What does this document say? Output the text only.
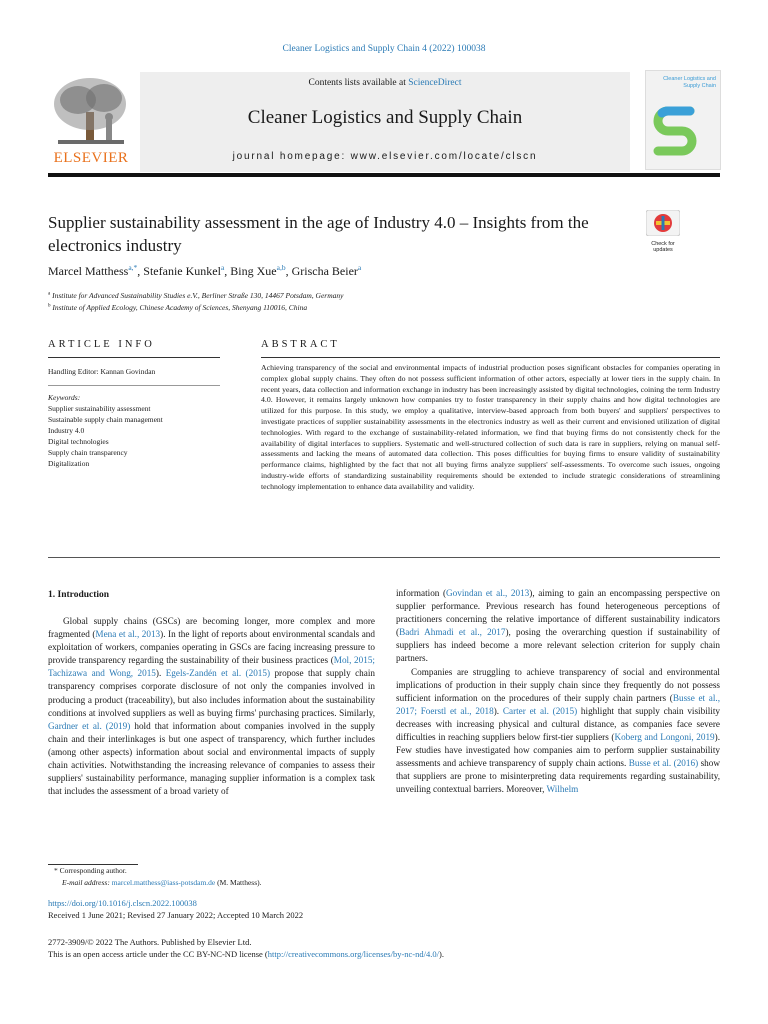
Cleaner Logistics and Supply Chain 4 (2022) 100038
ELSEVIER
Contents lists available at ScienceDirect
Cleaner Logistics and Supply Chain
journal homepage: www.elsevier.com/locate/clscn
Cleaner Logistics and Supply Chain
Supplier sustainability assessment in the age of Industry 4.0 – Insights from the electronics industry	Check for updates
Marcel Matthess$^{a,*}$, Stefanie Kunkel$^a$, Bing Xue$^{a,b}$, Grischa Beier$^a$
$^a$ Institute for Advanced Sustainability Studies e.V., Berliner Straße 130, 14467 Potsdam, Germany
$^b$ Institute of Applied Ecology, Chinese Academy of Sciences, Shenyang 110016, China
ARTICLE INFO	ABSTRACT
Handling Editor: Kannan Govindan
Keywords:
Supplier sustainability assessment
Sustainable supply chain management
Industry 4.0
Digital technologies
Supply chain transparency
Digitalization
Achieving transparency of the social and environmental impacts of industrial production poses significant obstacles for companies operating in complex global supply chains. They often do not possess sufficient information of other actors, especially at lower tiers in the supply chain. In recent years, data collection and information exchange in industry has been increasingly assisted by digital technologies, coining the term Industry 4.0. However, it remains largely unknown how companies try to foster transparency in their supply chains and how digital technologies are utilized for this purpose. In this study, we employ a qualitative, interview-based approach from both buyers' and suppliers' perspectives to investigate practices of supplier sustainability assessments in the electronics industry as well as their current and envisioned utilization of digital technologies. With regard to the exchange of sustainability-related information, we find that buying firms do not consistently check for the availability of digital interfaces to suppliers. Systematic and well-structured collection of such data is rare in suppliers, relying on manual self-assessments and lacking the means of automated data collection. This poses difficulties for buying firms to ensure validity of sustainability performance claims, highlighted by the fact that not all buying firms analyze suppliers' self-assessments. To overcome such issues, ongoing industry-wide efforts of standardizing sustainability requirements should be extended to include strategic considerations of streamlining technology implementation to enhance data availability and validity.
1. Introduction

Global supply chains (GSCs) are becoming longer, more complex and more fragmented (Mena et al., 2013). In the light of reports about environmental scandals and exploitation of workers, companies operating in GSCs are facing increasing pressure to provide transparency regarding the sustainability of their business practices (Mol, 2015; Tachizawa and Wong, 2015). Egels-Zandén et al. (2015) propose that supply chain transparency comprises corporate disclosure of not only the companies involved in producing a product (traceability), but also includes information about the sustainability conditions at involved suppliers as well as buying firms' purchasing practices. Similarly, Gardner et al. (2019) hold that information about companies involved in the supply chain and their interlinkages is but one aspect of transparency, which further includes (among other aspects) information about social and environmental impacts of supply chain activities. Notwithstanding the increasing relevance of companies to assess their suppliers' sustainability performance, managing supplier information is a complex task that includes the assessment of a broad variety of

information (Govindan et al., 2013), aiming to gain an encompassing perspective on supplier performance. Previous research has found heterogeneous perceptions of practitioners concerning the relative importance of different sustainability indicators (Badri Ahmadi et al., 2017), posing the overarching question if sustainability of suppliers has indeed become a more relevant selection criterion for supply chain partners.

Companies are struggling to achieve transparency of social and environmental implications of production in their supply chain since they frequently do not possess sufficient information on the procedures of their supply chain partners (Busse et al., 2017; Foerstl et al., 2018). Carter et al. (2015) highlight that supply chain visibility decreases with increasing physical and cultural distance, as companies face severe difficulties in reaching suppliers below first-tier suppliers (Koberg and Longoni, 2019). Few studies have investigated how companies aim to perform supplier sustainability assessments and achieve transparency of supply chain actions. Busse et al. (2016) show that suppliers are prone to misinterpreting data requirements regarding sustainability, unveiling contextual barriers. Moreover, Wilhelm

* Corresponding author.
E-mail address: marcel.matthess@iass-potsdam.de (M. Matthess).
https://doi.org/10.1016/j.clscn.2022.100038
Received 1 June 2021; Revised 27 January 2022; Accepted 10 March 2022
2772-3909/© 2022 The Authors. Published by Elsevier Ltd.
This is an open access article under the CC BY-NC-ND license (http://creativecommons.org/licenses/by-nc-nd/4.0/).
